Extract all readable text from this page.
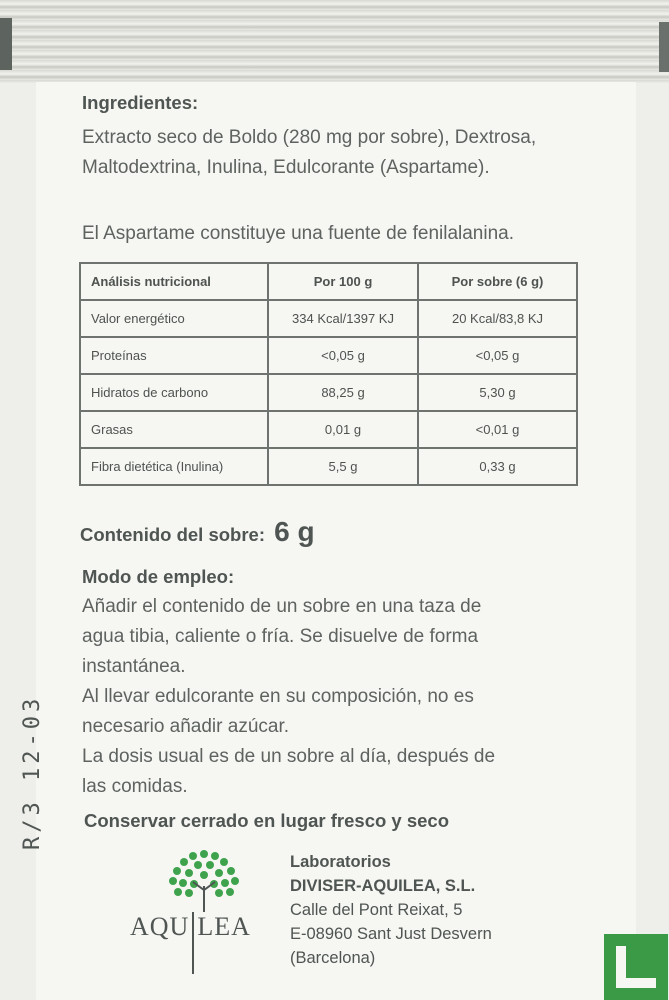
Ingredientes:

Extracto seco de Boldo (280 mg por sobre), Dextrosa, Maltodextrina, Inulina, Edulcorante (Aspartame).

El Aspartame constituye una fuente de fenilalanina.

Análisis nutricional	Por 100 g	Por sobre (6 g)
Valor energético	334 Kcal/1397 KJ	20 Kcal/83,8 KJ
Proteínas	<0,05 g	<0,05 g
Hidratos de carbono	88,25 g	5,30 g
Grasas	0,01 g	<0,01 g
Fibra dietética (Inulina)	5,5 g	0,33 g
Contenido del sobre: 6 g
Modo de empleo:
Añadir el contenido de un sobre en una taza de
agua tibia, caliente o fría. Se disuelve de forma
instantánea.
Al llevar edulcorante en su composición, no es
necesario añadir azúcar.
La dosis usual es de un sobre al día, después de
las comidas.
Conservar cerrado en lugar fresco y seco
AQU LEA
Laboratorios
DIVISER-AQUILEA, S.L.
Calle del Pont Reixat, 5
E-08960 Sant Just Desvern
(Barcelona)
R/3 12-03
